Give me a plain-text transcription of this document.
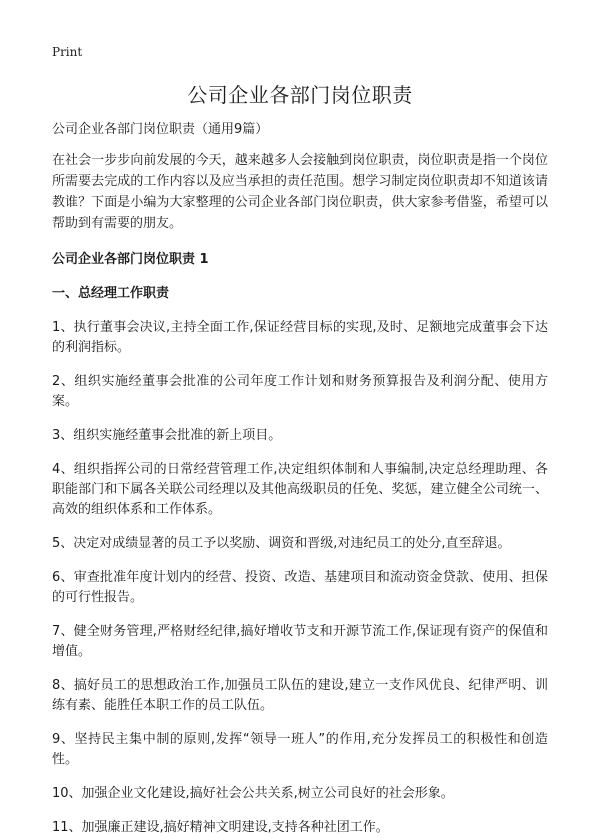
Print
公司企业各部门岗位职责
公司企业各部门岗位职责（通用9篇）

在社会一步步向前发展的今天，越来越多人会接触到岗位职责，岗位职责是指一个岗位所需要去完成的工作内容以及应当承担的责任范围。想学习制定岗位职责却不知道该请教谁？下面是小编为大家整理的公司企业各部门岗位职责，供大家参考借鉴，希望可以帮助到有需要的朋友。

公司企业各部门岗位职责 1
一、总经理工作职责
1、执行董事会决议,主持全面工作,保证经营目标的实现,及时、足额地完成董事会下达的利润指标。
2、组织实施经董事会批准的公司年度工作计划和财务预算报告及利润分配、使用方案。
3、组织实施经董事会批准的新上项目。
4、组织指挥公司的日常经营管理工作,决定组织体制和人事编制,决定总经理助理、各职能部门和下属各关联公司经理以及其他高级职员的任免、奖惩，建立健全公司统一、高效的组织体系和工作体系。
5、决定对成绩显著的员工予以奖励、调资和晋级,对违纪员工的处分,直至辞退。
6、审查批准年度计划内的经营、投资、改造、基建项目和流动资金贷款、使用、担保的可行性报告。
7、健全财务管理,严格财经纪律,搞好增收节支和开源节流工作,保证现有资产的保值和增值。
8、搞好员工的思想政治工作,加强员工队伍的建设,建立一支作风优良、纪律严明、训练有素、能胜任本职工作的员工队伍。
9、坚持民主集中制的原则,发挥“领导一班人”的作用,充分发挥员工的积极性和创造性。
10、加强企业文化建设,搞好社会公共关系,树立公司良好的社会形象。
11、加强廉正建设,搞好精神文明建设,支持各种社团工作。
